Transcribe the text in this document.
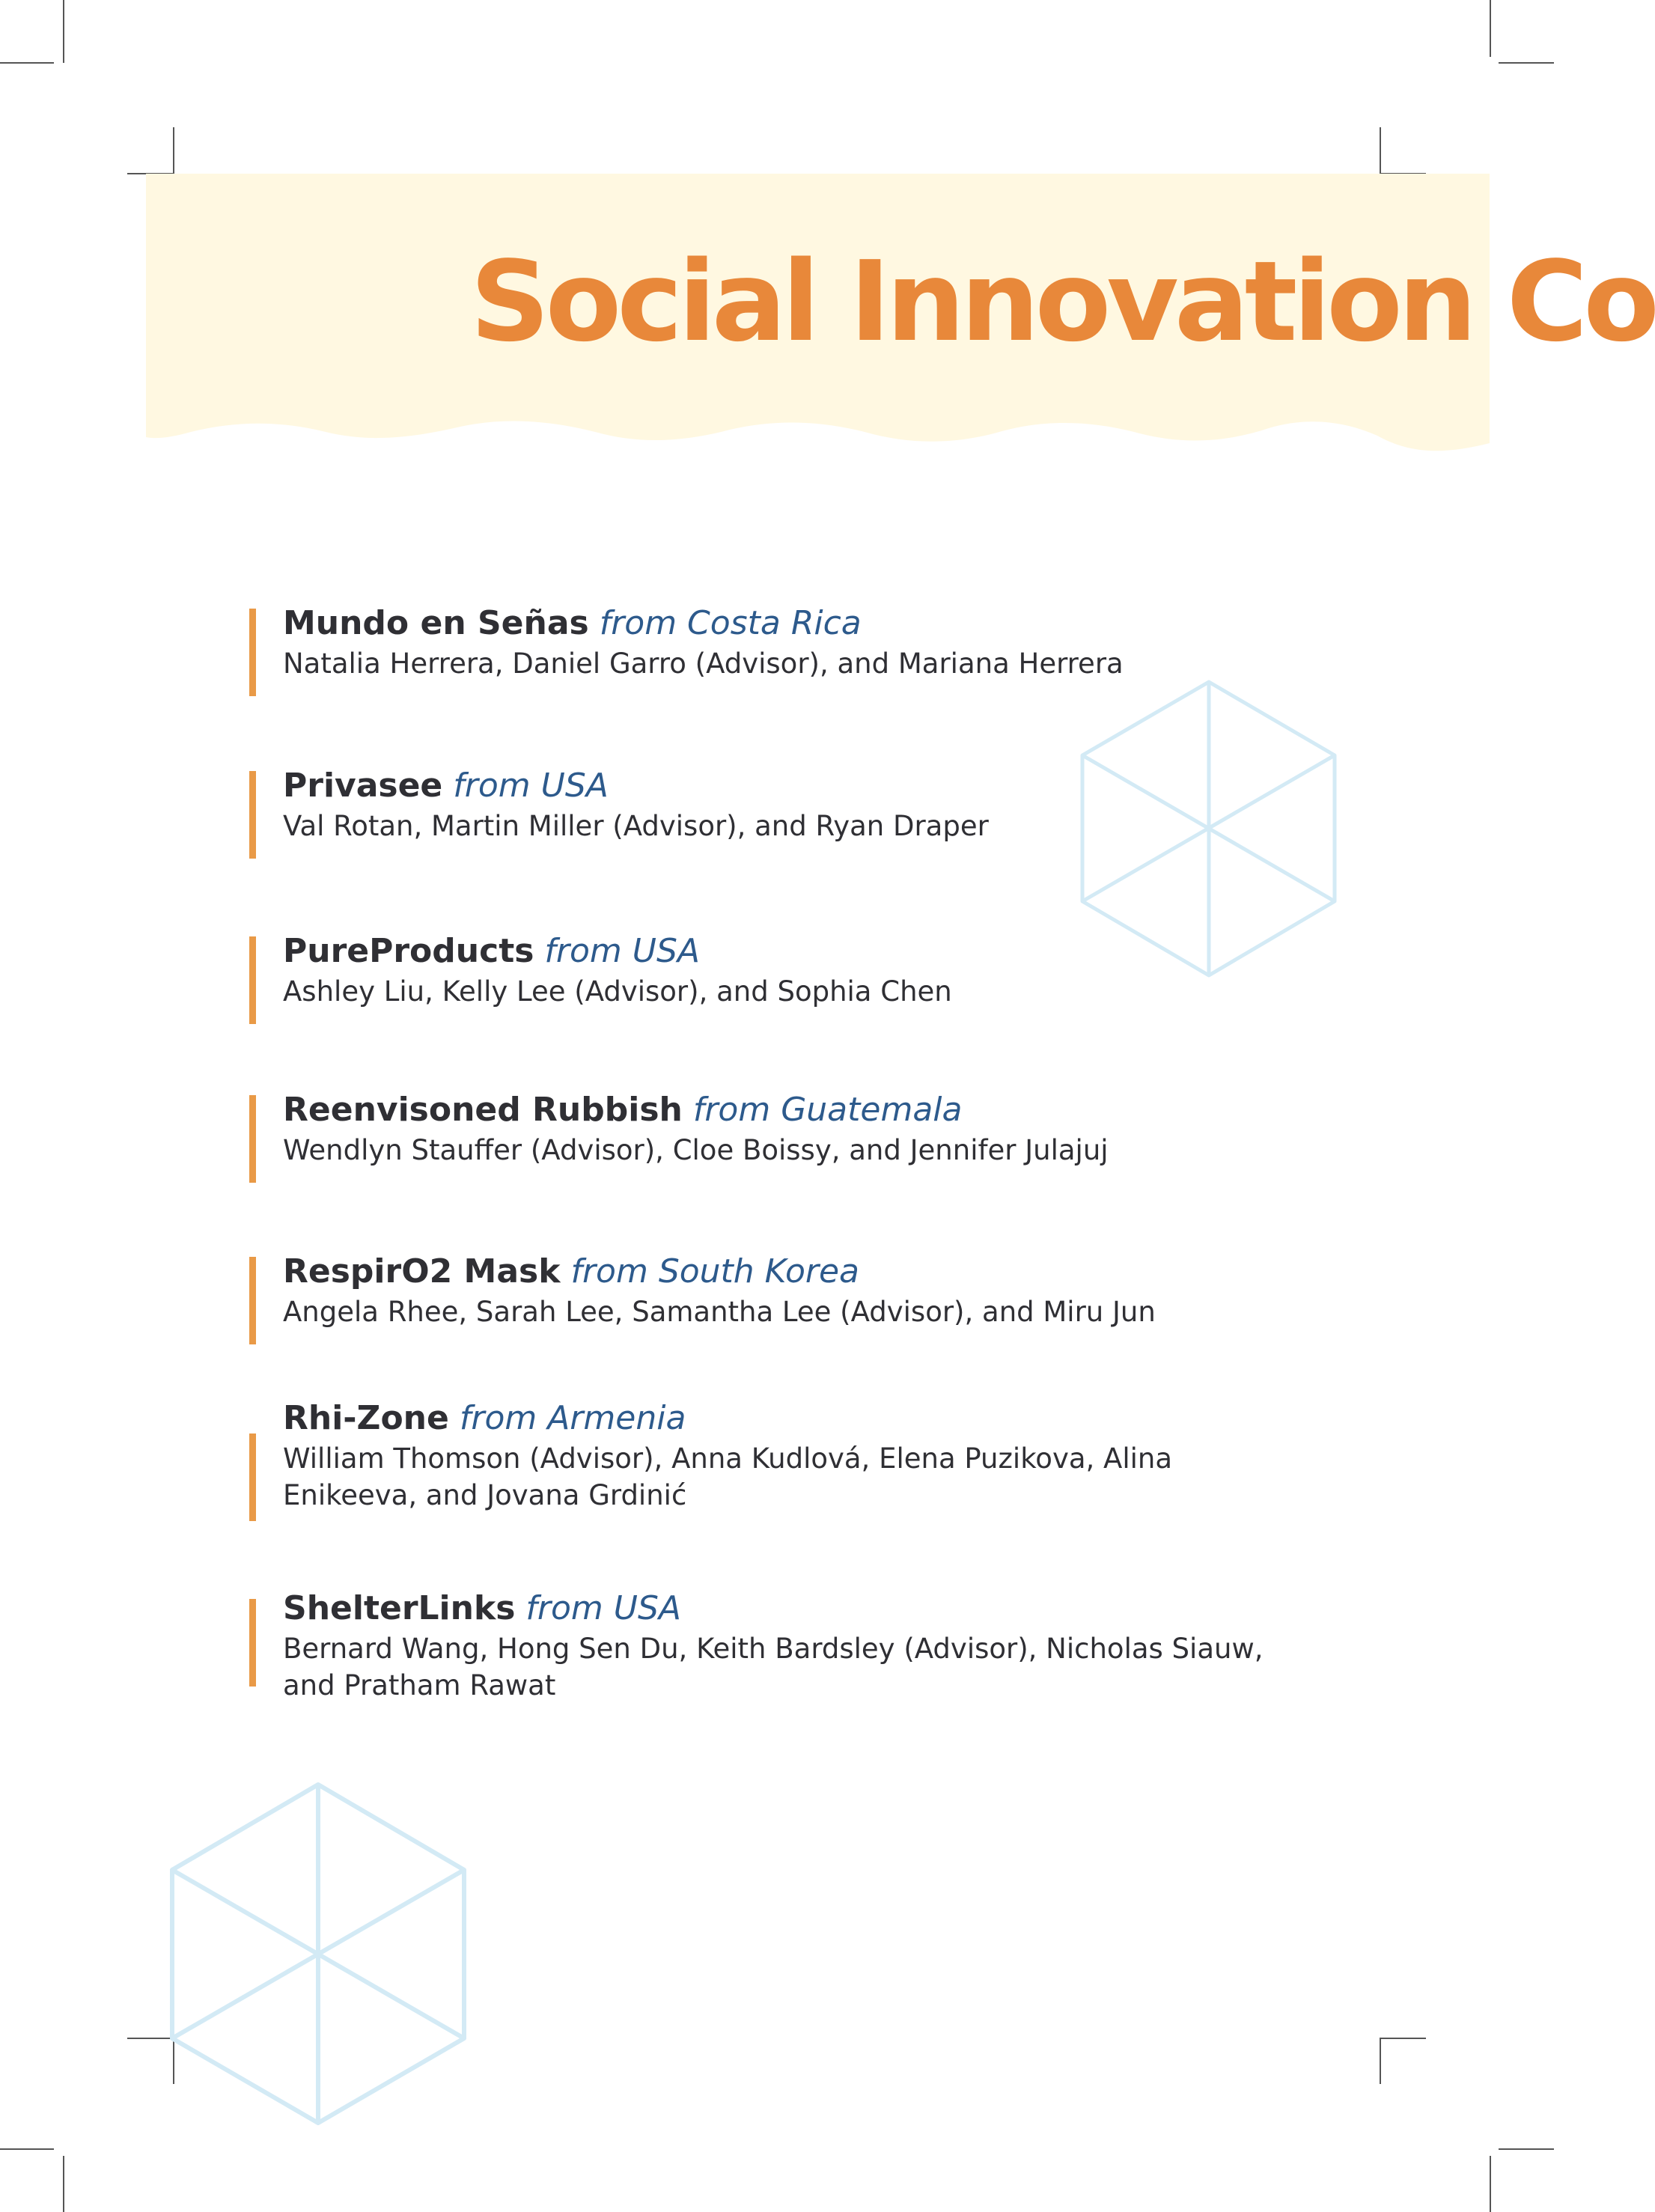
Social Innovation Co
Mundo en Señas from Costa Rica
Natalia Herrera, Daniel Garro (Advisor), and Mariana Herrera
Privasee from USA
Val Rotan, Martin Miller (Advisor), and Ryan Draper
PureProducts from USA
Ashley Liu, Kelly Lee (Advisor), and Sophia Chen
Reenvisoned Rubbish from Guatemala
Wendlyn Stauffer (Advisor), Cloe Boissy, and Jennifer Julajuj
RespirO2 Mask from South Korea
Angela Rhee, Sarah Lee, Samantha Lee (Advisor), and Miru Jun
Rhi-Zone from Armenia
William Thomson (Advisor), Anna Kudlová, Elena Puzikova, Alina Enikeeva, and Jovana Grdinić
ShelterLinks from USA
Bernard Wang, Hong Sen Du, Keith Bardsley (Advisor), Nicholas Siauw, and Pratham Rawat
